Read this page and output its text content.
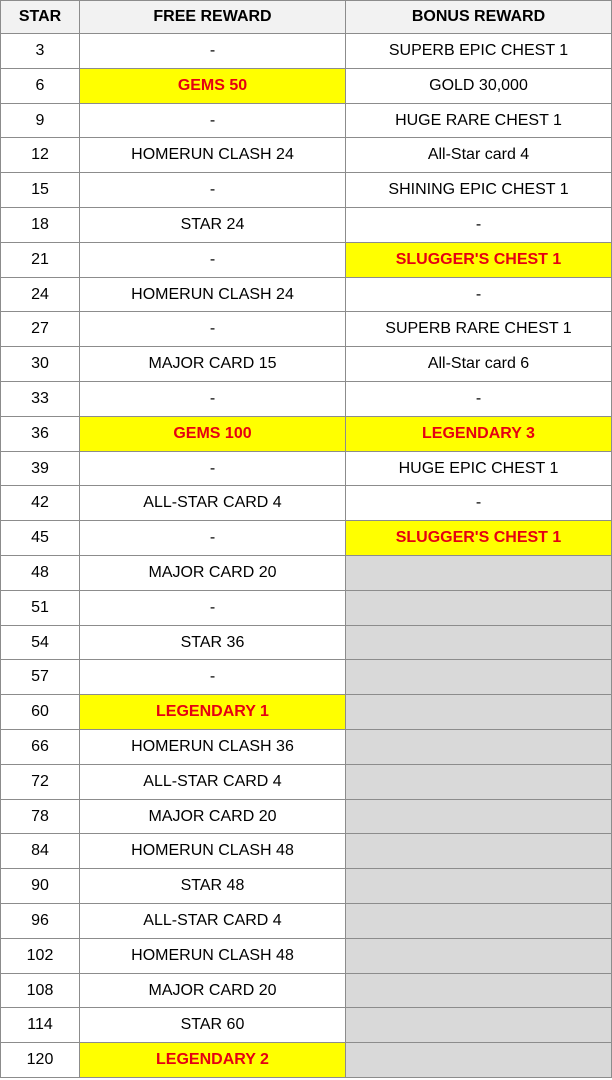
STAR	FREE REWARD	BONUS REWARD
3	-	SUPERB EPIC CHEST 1
6	GEMS 50	GOLD 30,000
9	-	HUGE RARE CHEST 1
12	HOMERUN CLASH 24	All-Star card 4
15	-	SHINING EPIC CHEST 1
18	STAR 24	-
21	-	SLUGGER'S CHEST 1
24	HOMERUN CLASH 24	-
27	-	SUPERB RARE CHEST 1
30	MAJOR CARD 15	All-Star card 6
33	-	-
36	GEMS 100	LEGENDARY 3
39	-	HUGE EPIC CHEST 1
42	ALL-STAR CARD 4	-
45	-	SLUGGER'S CHEST 1
48	MAJOR CARD 20	
51	-	
54	STAR 36	
57	-	
60	LEGENDARY 1	
66	HOMERUN CLASH 36	
72	ALL-STAR CARD 4	
78	MAJOR CARD 20	
84	HOMERUN CLASH 48	
90	STAR 48	
96	ALL-STAR CARD 4	
102	HOMERUN CLASH 48	
108	MAJOR CARD 20	
114	STAR 60	
120	LEGENDARY 2	
